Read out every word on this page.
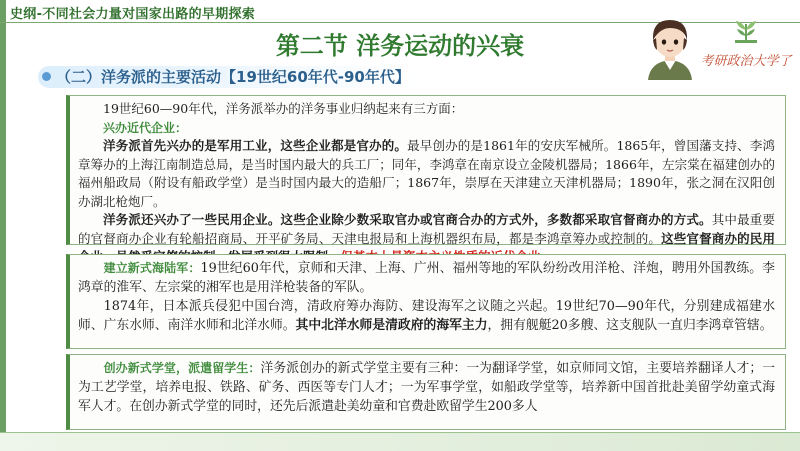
史纲-不同社会力量对国家出路的早期探索
第二节 洋务运动的兴衰
考研政治大学了
（二）洋务派的主要活动【19世纪60年代-90年代】

19世纪60—90年代，洋务派举办的洋务事业归纳起来有三方面：

兴办近代企业：

洋务派首先兴办的是军用工业，这些企业都是官办的。最早创办的是1861年的安庆军械所。1865年，曾国藩支持、李鸿章筹办的上海江南制造总局，是当时国内最大的兵工厂；同年，李鸿章在南京设立金陵机器局；1866年，左宗棠在福建创办的福州船政局（附设有船政学堂）是当时国内最大的造船厂；1867年，崇厚在天津建立天津机器局；1890年，张之洞在汉阳创办湖北枪炮厂。

洋务派还兴办了一些民用企业。这些企业除少数采取官办或官商合办的方式外，多数都采取官督商办的方式。其中最重要的官督商办企业有轮船招商局、开平矿务局、天津电报局和上海机器织布局，都是李鸿章筹办或控制的。这些官督商办的民用

建立新式海陆军：19世纪60年代，京师和天津、上海、广州、福州等地的军队纷纷改用洋枪、洋炮，聘用外国教练。李鸿章的淮军、左宗棠的湘军也是用洋枪装备的军队。

1874年，日本派兵侵犯中国台湾，清政府筹办海防、建设海军之议随之兴起。19世纪70—90年代，分别建成福建水师、广东水师、南洋水师和北洋水师。其中北洋水师是清政府的海军主力，拥有舰艇20多艘、这支舰队一直归李鸿章管辖。

创办新式学堂，派遣留学生：洋务派创办的新式学堂主要有三种：一为翻译学堂，如京师同文馆，主要培养翻译人才；一为工艺学堂，培养电报、铁路、矿务、西医等专门人才；一为军事学堂，如船政学堂等，培养新中国首批赴美留学幼童式海军人才。在创办新式学堂的同时，还先后派遣赴美幼童和官费赴欧留学生200多人
